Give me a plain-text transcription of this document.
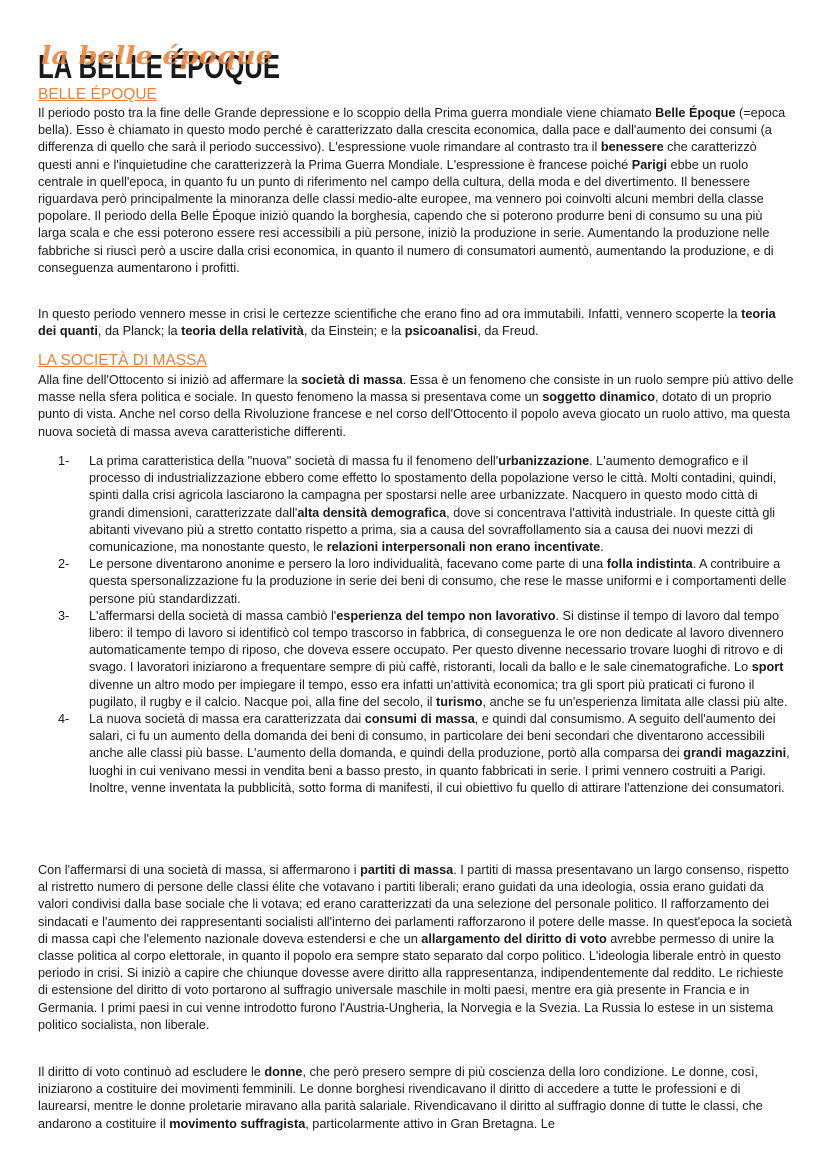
LA BELLE ÉPOQUE
la belle époque
BELLE ÉPOQUE

Il periodo posto tra la fine delle Grande depressione e lo scoppio della Prima guerra mondiale viene chiamato Belle Époque (=epoca bella). Esso è chiamato in questo modo perché è caratterizzato dalla crescita economica, dalla pace e dall'aumento dei consumi (a differenza di quello che sarà il periodo successivo). L'espressione vuole rimandare al contrasto tra il benessere che caratterizzò questi anni e l'inquietudine che caratterizzerà la Prima Guerra Mondiale. L'espressione è francese poiché Parigi ebbe un ruolo centrale in quell'epoca, in quanto fu un punto di riferimento nel campo della cultura, della moda e del divertimento. Il benessere riguardava però principalmente la minoranza delle classi medio-alte europee, ma vennero poi coinvolti alcuni membri della classe popolare. Il periodo della Belle Époque iniziò quando la borghesia, capendo che si poterono produrre beni di consumo su una più larga scala e che essi poterono essere resi accessibili a più persone, iniziò la produzione in serie. Aumentando la produzione nelle fabbriche si riuscì però a uscire dalla crisi economica, in quanto il numero di consumatori aumentò, aumentando la produzione, e di conseguenza aumentarono i profitti.

In questo periodo vennero messe in crisi le certezze scientifiche che erano fino ad ora immutabili. Infatti, vennero scoperte la teoria dei quanti, da Planck; la teoria della relatività, da Einstein; e la psicoanalisi, da Freud.

LA SOCIETÀ DI MASSA

Alla fine dell'Ottocento si iniziò ad affermare la società di massa. Essa è un fenomeno che consiste in un ruolo sempre più attivo delle masse nella sfera politica e sociale. In questo fenomeno la massa si presentava come un soggetto dinamico, dotato di un proprio punto di vista. Anche nel corso della Rivoluzione francese e nel corso dell'Ottocento il popolo aveva giocato un ruolo attivo, ma questa nuova società di massa aveva caratteristiche differenti.

1- La prima caratteristica della "nuova" società di massa fu il fenomeno dell'urbanizzazione. L'aumento demografico e il processo di industrializzazione ebbero come effetto lo spostamento della popolazione verso le città. Molti contadini, quindi, spinti dalla crisi agricola lasciarono la campagna per spostarsi nelle aree urbanizzate. Nacquero in questo modo città di grandi dimensioni, caratterizzate dall'alta densità demografica, dove si concentrava l'attività industriale. In queste città gli abitanti vivevano più a stretto contatto rispetto a prima, sia a causa del sovraffollamento sia a causa dei nuovi mezzi di comunicazione, ma nonostante questo, le relazioni interpersonali non erano incentivate.
2- Le persone diventarono anonime e persero la loro individualità, facevano come parte di una folla indistinta. A contribuire a questa spersonalizzazione fu la produzione in serie dei beni di consumo, che rese le masse uniformi e i comportamenti delle persone più standardizzati.
3- L'affermarsi della società di massa cambiò l'esperienza del tempo non lavorativo. Si distinse il tempo di lavoro dal tempo libero: il tempo di lavoro si identificò col tempo trascorso in fabbrica, di conseguenza le ore non dedicate al lavoro divennero automaticamente tempo di riposo, che doveva essere occupato. Per questo divenne necessario trovare luoghi di ritrovo e di svago. I lavoratori iniziarono a frequentare sempre di più caffè, ristoranti, locali da ballo e le sale cinematografiche. Lo sport divenne un altro modo per impiegare il tempo, esso era infatti un'attività economica; tra gli sport più praticati ci furono il pugilato, il rugby e il calcio. Nacque poi, alla fine del secolo, il turismo, anche se fu un'esperienza limitata alle classi più alte.
4- La nuova società di massa era caratterizzata dai consumi di massa, e quindi dal consumismo. A seguito dell'aumento dei salari, ci fu un aumento della domanda dei beni di consumo, in particolare dei beni secondari che diventarono accessibili anche alle classi più basse. L'aumento della domanda, e quindi della produzione, portò alla comparsa dei grandi magazzini, luoghi in cui venivano messi in vendita beni a basso presto, in quanto fabbricati in serie. I primi vennero costruiti a Parigi. Inoltre, venne inventata la pubblicità, sotto forma di manifesti, il cui obiettivo fu quello di attirare l'attenzione dei consumatori.

Con l'affermarsi di una società di massa, si affermarono i partiti di massa. I partiti di massa presentavano un largo consenso, rispetto al ristretto numero di persone delle classi élite che votavano i partiti liberali; erano guidati da una ideologia, ossia erano guidati da valori condivisi dalla base sociale che li votava; ed erano caratterizzati da una selezione del personale politico. Il rafforzamento dei sindacati e l'aumento dei rappresentanti socialisti all'interno dei parlamenti rafforzarono il potere delle masse. In quest'epoca la società di massa capì che l'elemento nazionale doveva estendersi e che un allargamento del diritto di voto avrebbe permesso di unire la classe politica al corpo elettorale, in quanto il popolo era sempre stato separato dal corpo politico. L'ideologia liberale entrò in questo periodo in crisi. Si iniziò a capire che chiunque dovesse avere diritto alla rappresentanza, indipendentemente dal reddito. Le richieste di estensione del diritto di voto portarono al suffragio universale maschile in molti paesi, mentre era già presente in Francia e in Germania. I primi paesi in cui venne introdotto furono l'Austria-Ungheria, la Norvegia e la Svezia. La Russia lo estese in un sistema politico socialista, non liberale.

Il diritto di voto continuò ad escludere le donne, che però presero sempre di più coscienza della loro condizione. Le donne, così, iniziarono a costituire dei movimenti femminili. Le donne borghesi rivendicavano il diritto di accedere a tutte le professioni e di laurearsi, mentre le donne proletarie miravano alla parità salariale. Rivendicavano il diritto al suffragio donne di tutte le classi, che andarono a costituire il movimento suffragista, particolarmente attivo in Gran Bretagna. Le
